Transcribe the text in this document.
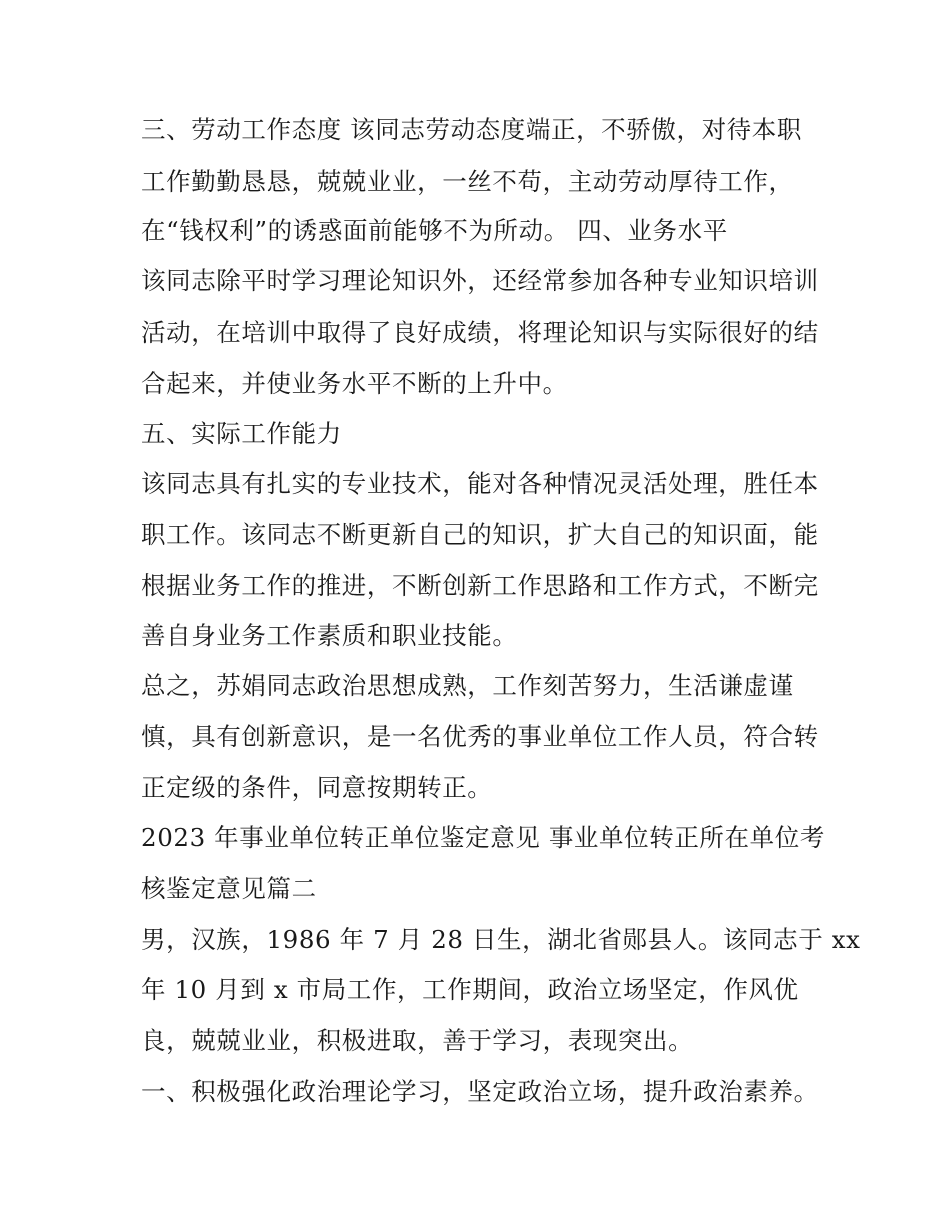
三、劳动工作态度 该同志劳动态度端正，不骄傲，对待本职
工作勤勤恳恳，兢兢业业，一丝不苟，主动劳动厚待工作，
在“钱权利”的诱惑面前能够不为所动。 四、业务水平
该同志除平时学习理论知识外，还经常参加各种专业知识培训
活动，在培训中取得了良好成绩，将理论知识与实际很好的结
合起来，并使业务水平不断的上升中。
五、实际工作能力
该同志具有扎实的专业技术，能对各种情况灵活处理，胜任本
职工作。该同志不断更新自己的知识，扩大自己的知识面，能
根据业务工作的推进，不断创新工作思路和工作方式，不断完
善自身业务工作素质和职业技能。
总之，苏娟同志政治思想成熟，工作刻苦努力，生活谦虚谨
慎，具有创新意识，是一名优秀的事业单位工作人员，符合转
正定级的条件，同意按期转正。
2023 年事业单位转正单位鉴定意见 事业单位转正所在单位考
核鉴定意见篇二
男，汉族，1986 年 7 月 28 日生，湖北省郧县人。该同志于 xx
年 10 月到 x 市局工作，工作期间，政治立场坚定，作风优
良，兢兢业业，积极进取，善于学习，表现突出。
一、积极强化政治理论学习，坚定政治立场，提升政治素养。
